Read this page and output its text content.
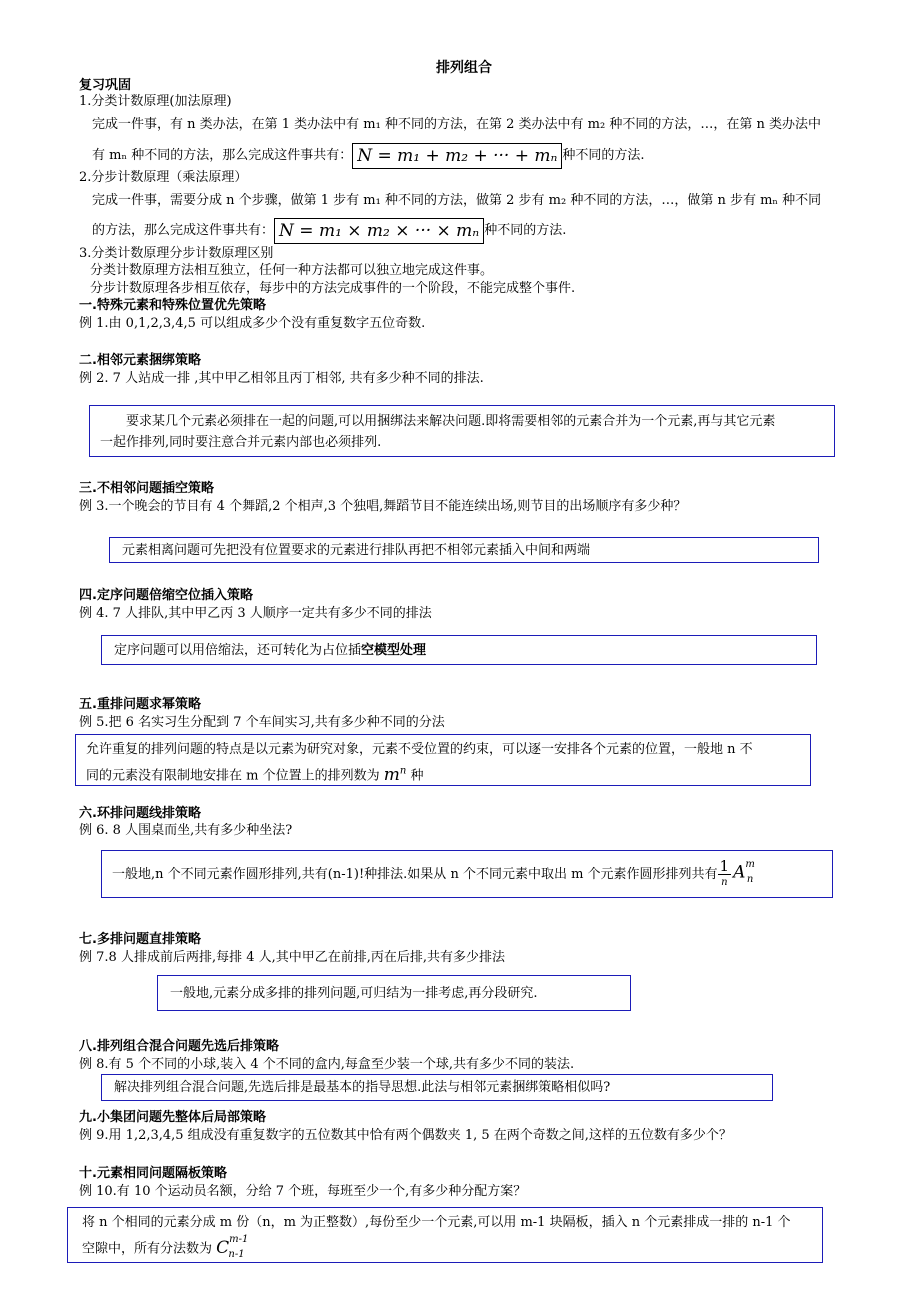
排列组合
复习巩固
1.分类计数原理(加法原理)
完成一件事，有 n 类办法，在第 1 类办法中有 m₁ 种不同的方法，在第 2 类办法中有 m₂ 种不同的方法，…，在第 n 类办法中
有 mₙ 种不同的方法，那么完成这件事共有： N = m₁ + m₂ + ··· + mₙ 种不同的方法.
2.分步计数原理（乘法原理）
完成一件事，需要分成 n 个步骤，做第 1 步有 m₁ 种不同的方法，做第 2 步有 m₂ 种不同的方法，…，做第 n 步有 mₙ 种不同
的方法，那么完成这件事共有： N = m₁ × m₂ × ··· × mₙ 种不同的方法.
3.分类计数原理分步计数原理区别
分类计数原理方法相互独立，任何一种方法都可以独立地完成这件事。
分步计数原理各步相互依存，每步中的方法完成事件的一个阶段，不能完成整个事件.
一.特殊元素和特殊位置优先策略
例 1.由 0,1,2,3,4,5 可以组成多少个没有重复数字五位奇数.
二.相邻元素捆绑策略
例 2. 7 人站成一排 ,其中甲乙相邻且丙丁相邻, 共有多少种不同的排法.
要求某几个元素必须排在一起的问题,可以用捆绑法来解决问题.即将需要相邻的元素合并为一个元素,再与其它元素
一起作排列,同时要注意合并元素内部也必须排列.
三.不相邻问题插空策略
例 3.一个晚会的节目有 4 个舞蹈,2 个相声,3 个独唱,舞蹈节目不能连续出场,则节目的出场顺序有多少种？
元素相离问题可先把没有位置要求的元素进行排队再把不相邻元素插入中间和两端
四.定序问题倍缩空位插入策略
例 4. 7 人排队,其中甲乙丙 3 人顺序一定共有多少不同的排法
定序问题可以用倍缩法，还可转化为占位插空模型处理
五.重排问题求幂策略
例 5.把 6 名实习生分配到 7 个车间实习,共有多少种不同的分法
允许重复的排列问题的特点是以元素为研究对象，元素不受位置的约束，可以逐一安排各个元素的位置，一般地 n 不
同的元素没有限制地安排在 m 个位置上的排列数为 $m^n$ 种
六.环排问题线排策略
例 6. 8 人围桌而坐,共有多少种坐法?
一般地,n 个不同元素作圆形排列,共有(n-1)!种排法.如果从 n 个不同元素中取出 m 个元素作圆形排列共有 $\frac{1}{n} A^m_n$
七.多排问题直排策略
例 7.8 人排成前后两排,每排 4 人,其中甲乙在前排,丙在后排,共有多少排法
一般地,元素分成多排的排列问题,可归结为一排考虑,再分段研究.
八.排列组合混合问题先选后排策略
例 8.有 5 个不同的小球,装入 4 个不同的盒内,每盒至少装一个球,共有多少不同的装法.
解决排列组合混合问题,先选后排是最基本的指导思想.此法与相邻元素捆绑策略相似吗?
九.小集团问题先整体后局部策略
例 9.用 1,2,3,4,5 组成没有重复数字的五位数其中恰有两个偶数夹 1, 5 在两个奇数之间,这样的五位数有多少个？
十.元素相同问题隔板策略
例 10.有 10 个运动员名额，分给 7 个班，每班至少一个,有多少种分配方案？
将 n 个相同的元素分成 m 份（n，m 为正整数）,每份至少一个元素,可以用 m-1 块隔板，插入 n 个元素排成一排的 n-1 个
空隙中，所有分法数为 $C^{m-1}_{n-1}$
